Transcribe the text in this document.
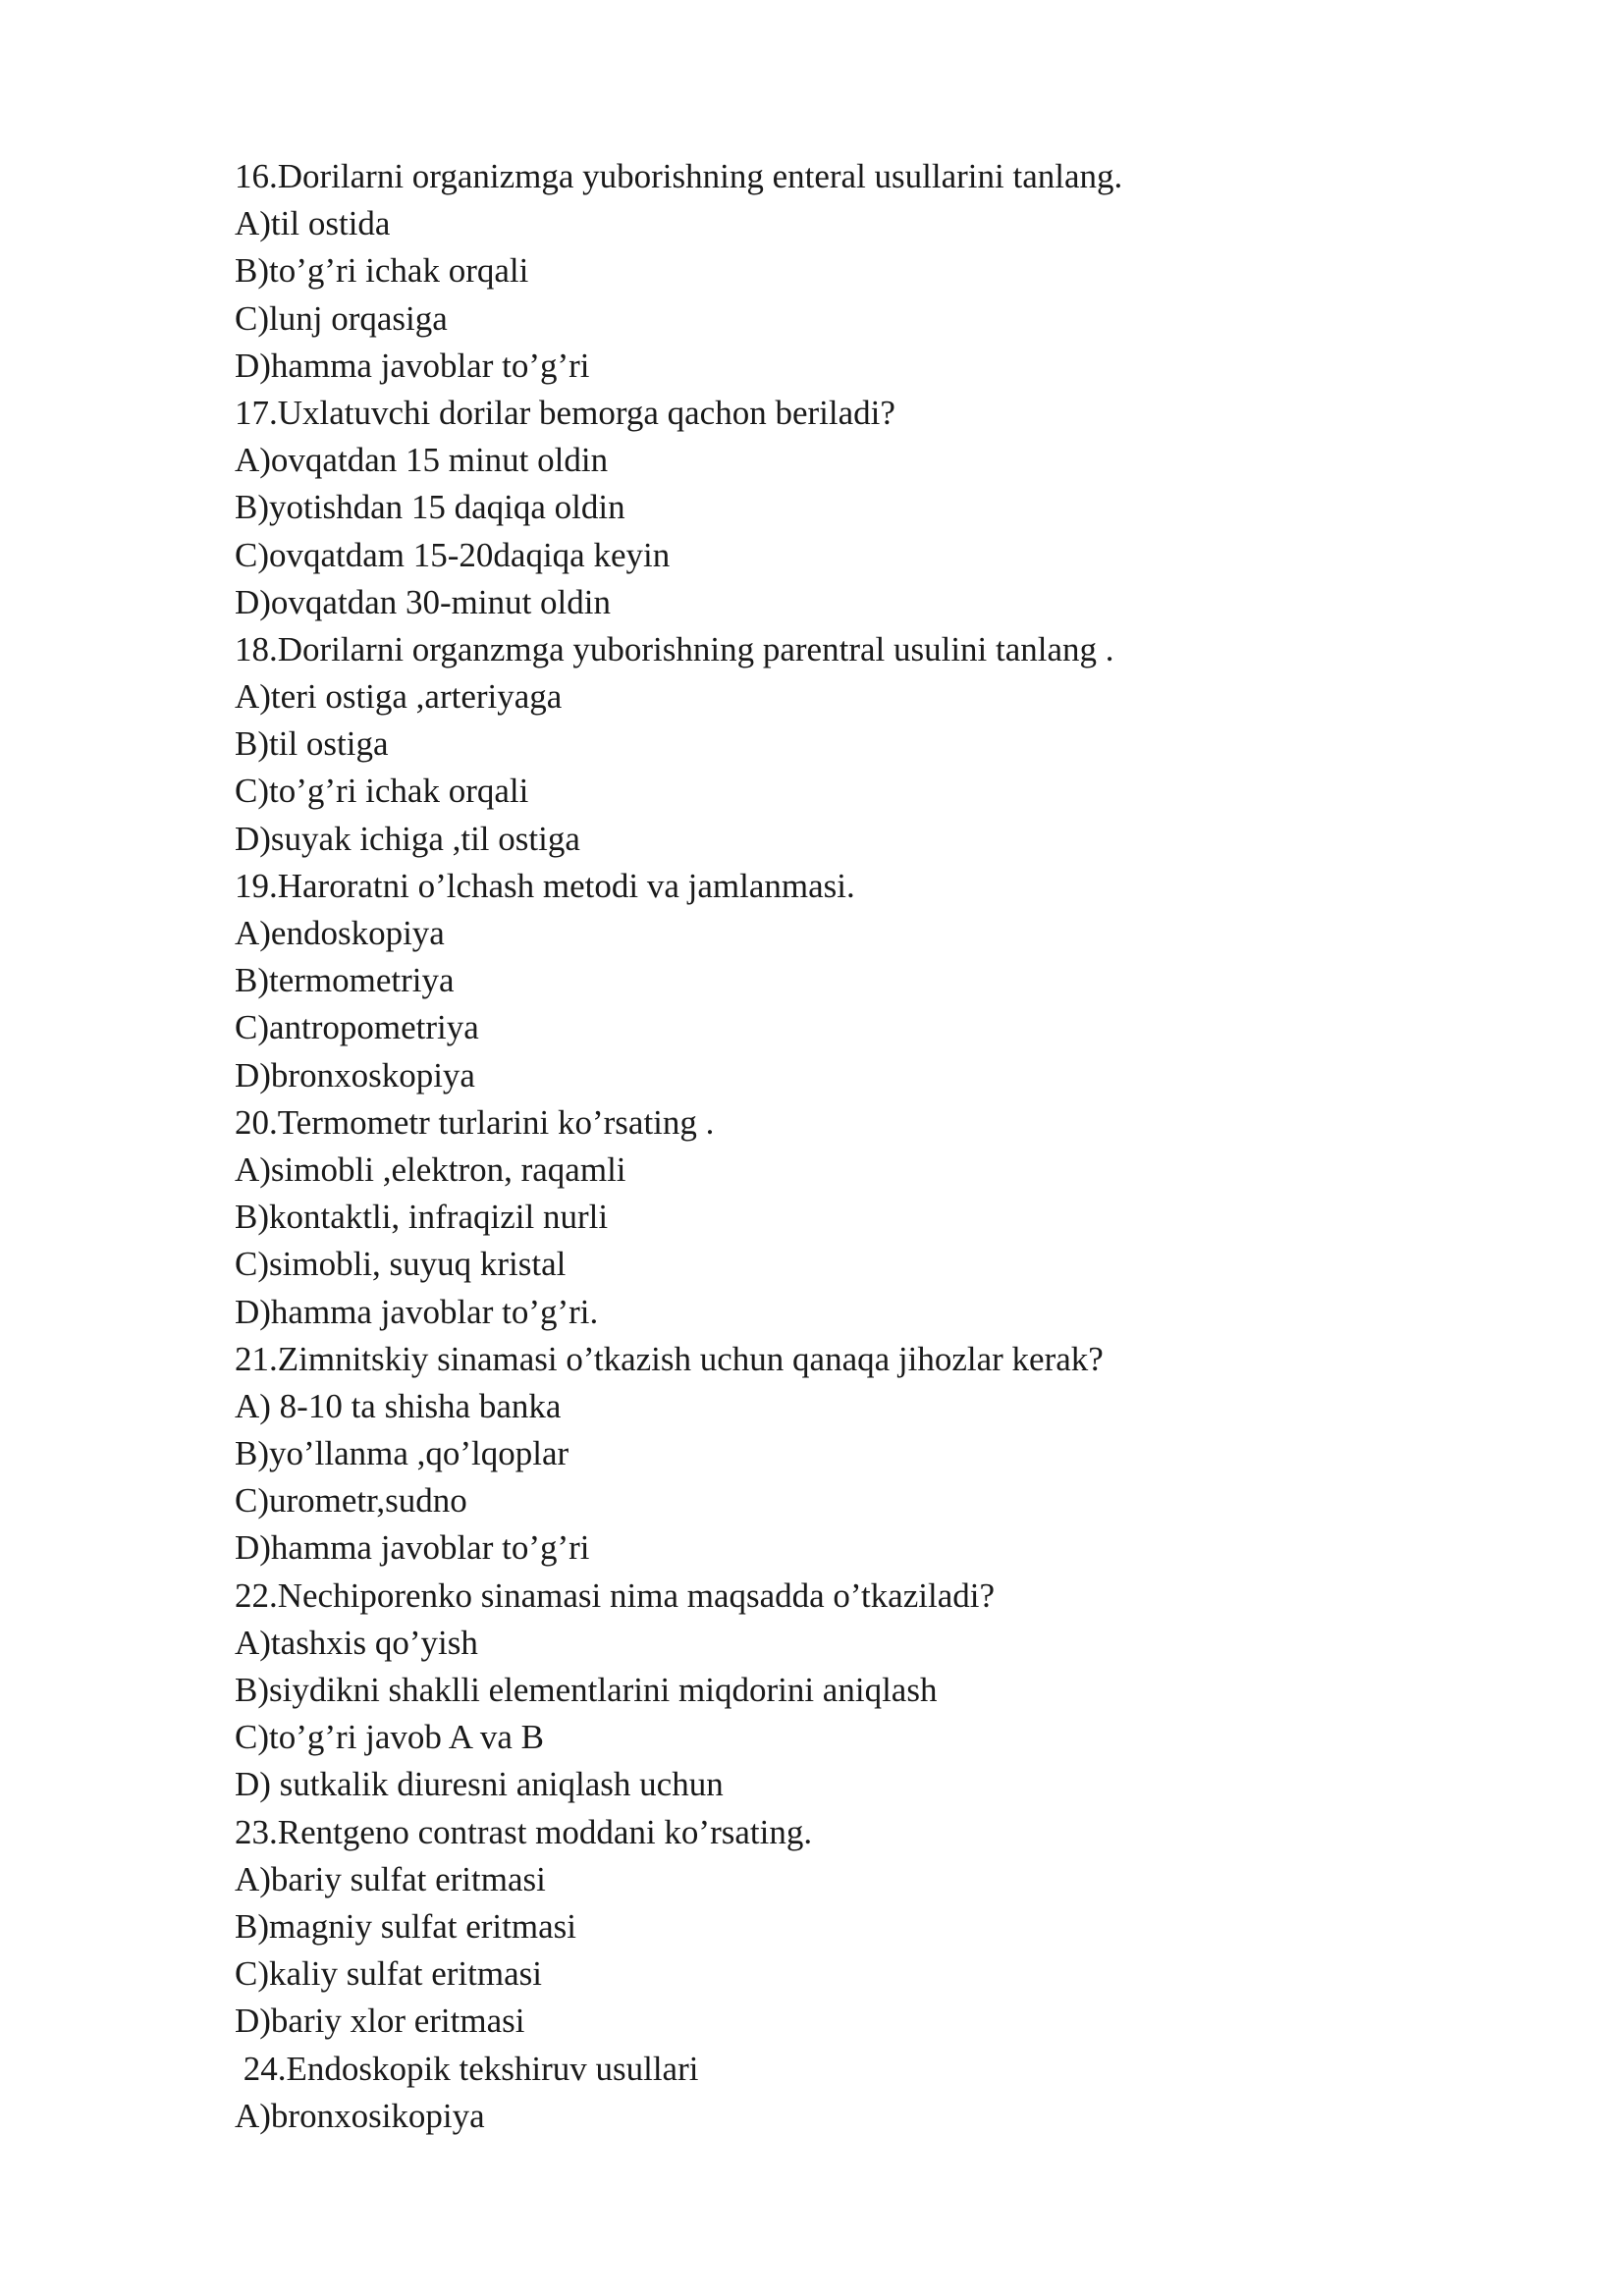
16.Dorilarni organizmga yuborishning enteral usullarini tanlang.
A)til ostida
B)to’g’ri ichak orqali
C)lunj orqasiga
D)hamma javoblar to’g’ri
17.Uxlatuvchi dorilar bemorga qachon beriladi?
A)ovqatdan 15 minut oldin
B)yotishdan 15 daqiqa oldin
C)ovqatdam 15-20daqiqa keyin
D)ovqatdan 30-minut oldin
18.Dorilarni organzmga yuborishning parentral usulini tanlang .
A)teri ostiga ,arteriyaga
B)til ostiga
C)to’g’ri ichak orqali
D)suyak ichiga ,til ostiga
19.Haroratni o’lchash metodi va jamlanmasi.
A)endoskopiya
B)termometriya
C)antropometriya
D)bronxoskopiya
20.Termometr turlarini ko’rsating .
A)simobli ,elektron, raqamli
B)kontaktli, infraqizil nurli
C)simobli, suyuq kristal
D)hamma javoblar to’g’ri.
21.Zimnitskiy sinamasi o’tkazish uchun qanaqa jihozlar kerak?
A) 8-10 ta shisha banka
B)yo’llanma ,qo’lqoplar
C)urometr,sudno
D)hamma javoblar to’g’ri
22.Nechiporenko sinamasi nima maqsadda o’tkaziladi?
A)tashxis qo’yish
B)siydikni shaklli elementlarini miqdorini aniqlash
C)to’g’ri javob A va B
D) sutkalik diuresni aniqlash uchun
23.Rentgeno contrast moddani ko’rsating.
A)bariy sulfat eritmasi
B)magniy sulfat eritmasi
C)kaliy sulfat eritmasi
D)bariy xlor eritmasi
24.Endoskopik tekshiruv usullari
A)bronxosikopiya
